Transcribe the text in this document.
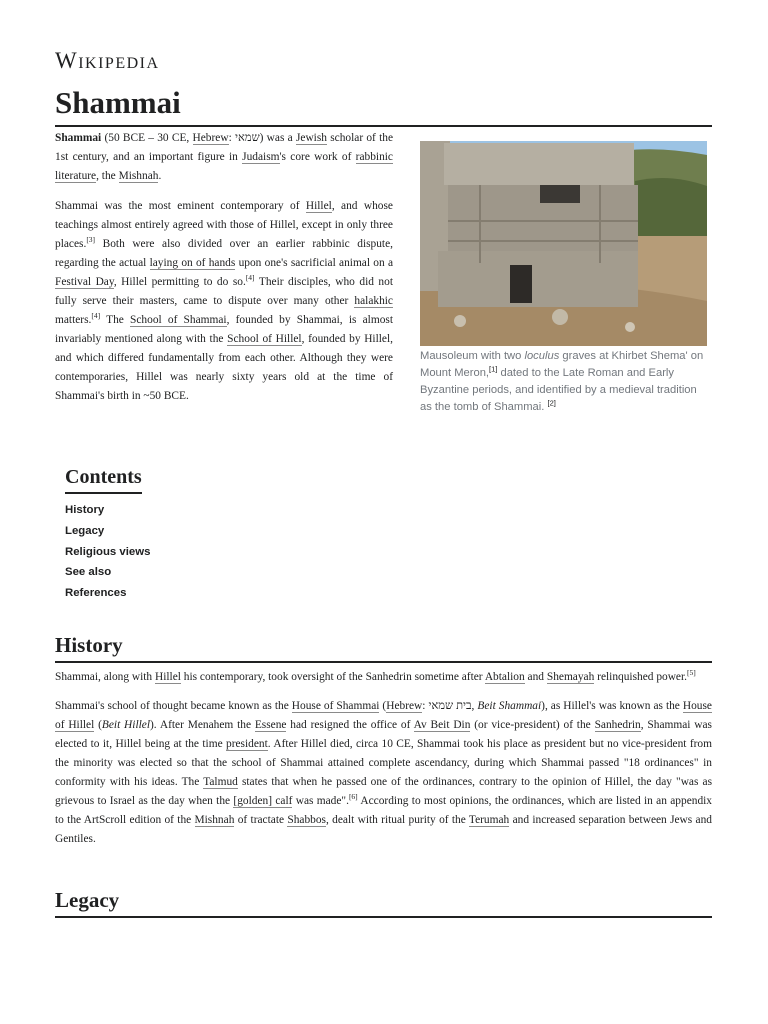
Wikipedia
Shammai

Shammai (50 BCE – 30 CE, Hebrew: שמאי) was a Jewish scholar of the 1st century, and an important figure in Judaism's core work of rabbinic literature, the Mishnah.

Shammai was the most eminent contemporary of Hillel, and whose teachings almost entirely agreed with those of Hillel, except in only three places.[3] Both were also divided over an earlier rabbinic dispute, regarding the actual laying on of hands upon one's sacrificial animal on a Festival Day, Hillel permitting to do so.[4] Their disciples, who did not fully serve their masters, came to dispute over many other halakhic matters.[4] The School of Shammai, founded by Shammai, is almost invariably mentioned along with the School of Hillel, founded by Hillel, and which differed fundamentally from each other. Although they were contemporaries, Hillel was nearly sixty years old at the time of Shammai's birth in ~50 BCE.

Mausoleum with two loculus graves at Khirbet Shema' on Mount Meron,[1] dated to the Late Roman and Early Byzantine periods, and identified by a medieval tradition as the tomb of Shammai. [2]
Contents
History
Legacy
Religious views
See also
References
History

Shammai, along with Hillel his contemporary, took oversight of the Sanhedrin sometime after Abtalion and Shemayah relinquished power.[5]

Shammai's school of thought became known as the House of Shammai (Hebrew: בית שמאי, Beit Shammai), as Hillel's was known as the House of Hillel (Beit Hillel). After Menahem the Essene had resigned the office of Av Beit Din (or vice-president) of the Sanhedrin, Shammai was elected to it, Hillel being at the time president. After Hillel died, circa 10 CE, Shammai took his place as president but no vice-president from the minority was elected so that the school of Shammai attained complete ascendancy, during which Shammai passed "18 ordinances" in conformity with his ideas. The Talmud states that when he passed one of the ordinances, contrary to the opinion of Hillel, the day "was as grievous to Israel as the day when the [golden] calf was made".[6] According to most opinions, the ordinances, which are listed in an appendix to the ArtScroll edition of the Mishnah of tractate Shabbos, dealt with ritual purity of the Terumah and increased separation between Jews and Gentiles.

Legacy
